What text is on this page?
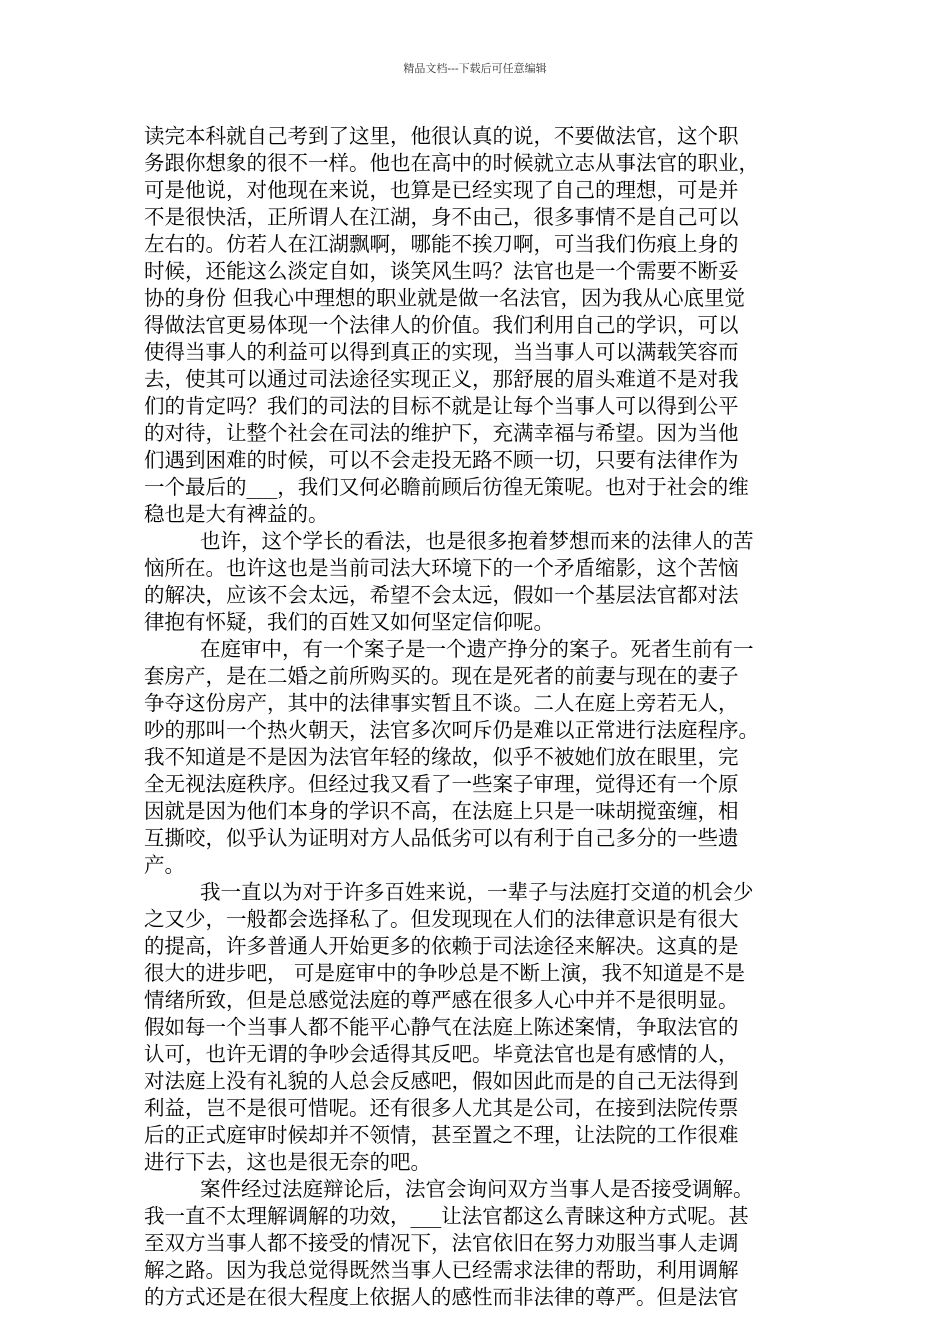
精品文档---下载后可任意编辑
读完本科就自己考到了这里，他很认真的说，不要做法官，这个职
务跟你想象的很不一样。他也在高中的时候就立志从事法官的职业，
可是他说，对他现在来说，也算是已经实现了自己的理想，可是并
不是很快活，正所谓人在江湖，身不由己，很多事情不是自己可以
左右的。仿若人在江湖飘啊，哪能不挨刀啊，可当我们伤痕上身的
时候，还能这么淡定自如，谈笑风生吗？法官也是一个需要不断妥
协的身份 但我心中理想的职业就是做一名法官，因为我从心底里觉
得做法官更易体现一个法律人的价值。我们利用自己的学识，可以
使得当事人的利益可以得到真正的实现，当当事人可以满载笑容而
去，使其可以通过司法途径实现正义，那舒展的眉头难道不是对我
们的肯定吗？我们的司法的目标不就是让每个当事人可以得到公平
的对待，让整个社会在司法的维护下，充满幸福与希望。因为当他
们遇到困难的时候，可以不会走投无路不顾一切，只要有法律作为
一个最后的___，我们又何必瞻前顾后彷徨无策呢。也对于社会的维
稳也是大有裨益的。
也许，这个学长的看法，也是很多抱着梦想而来的法律人的苦
恼所在。也许这也是当前司法大环境下的一个矛盾缩影，这个苦恼
的解决，应该不会太远，希望不会太远，假如一个基层法官都对法
律抱有怀疑，我们的百姓又如何坚定信仰呢。
在庭审中，有一个案子是一个遗产挣分的案子。死者生前有一
套房产，是在二婚之前所购买的。现在是死者的前妻与现在的妻子
争夺这份房产，其中的法律事实暂且不谈。二人在庭上旁若无人，
吵的那叫一个热火朝天，法官多次呵斥仍是难以正常进行法庭程序。
我不知道是不是因为法官年轻的缘故，似乎不被她们放在眼里，完
全无视法庭秩序。但经过我又看了一些案子审理，觉得还有一个原
因就是因为他们本身的学识不高，在法庭上只是一味胡搅蛮缠，相
互撕咬，似乎认为证明对方人品低劣可以有利于自己多分的一些遗
产。
我一直以为对于许多百姓来说，一辈子与法庭打交道的机会少
之又少，一般都会选择私了。但发现现在人们的法律意识是有很大
的提高，许多普通人开始更多的依赖于司法途径来解决。这真的是
很大的进步吧， 可是庭审中的争吵总是不断上演，我不知道是不是
情绪所致，但是总感觉法庭的尊严感在很多人心中并不是很明显。
假如每一个当事人都不能平心静气在法庭上陈述案情，争取法官的
认可，也许无谓的争吵会适得其反吧。毕竟法官也是有感情的人，
对法庭上没有礼貌的人总会反感吧，假如因此而是的自己无法得到
利益，岂不是很可惜呢。还有很多人尤其是公司，在接到法院传票
后的正式庭审时候却并不领情，甚至置之不理，让法院的工作很难
进行下去，这也是很无奈的吧。
案件经过法庭辩论后，法官会询问双方当事人是否接受调解。
我一直不太理解调解的功效，___让法官都这么青睐这种方式呢。甚
至双方当事人都不接受的情况下，法官依旧在努力劝服当事人走调
解之路。因为我总觉得既然当事人已经需求法律的帮助，利用调解
的方式还是在很大程度上依据人的感性而非法律的尊严。但是法官
